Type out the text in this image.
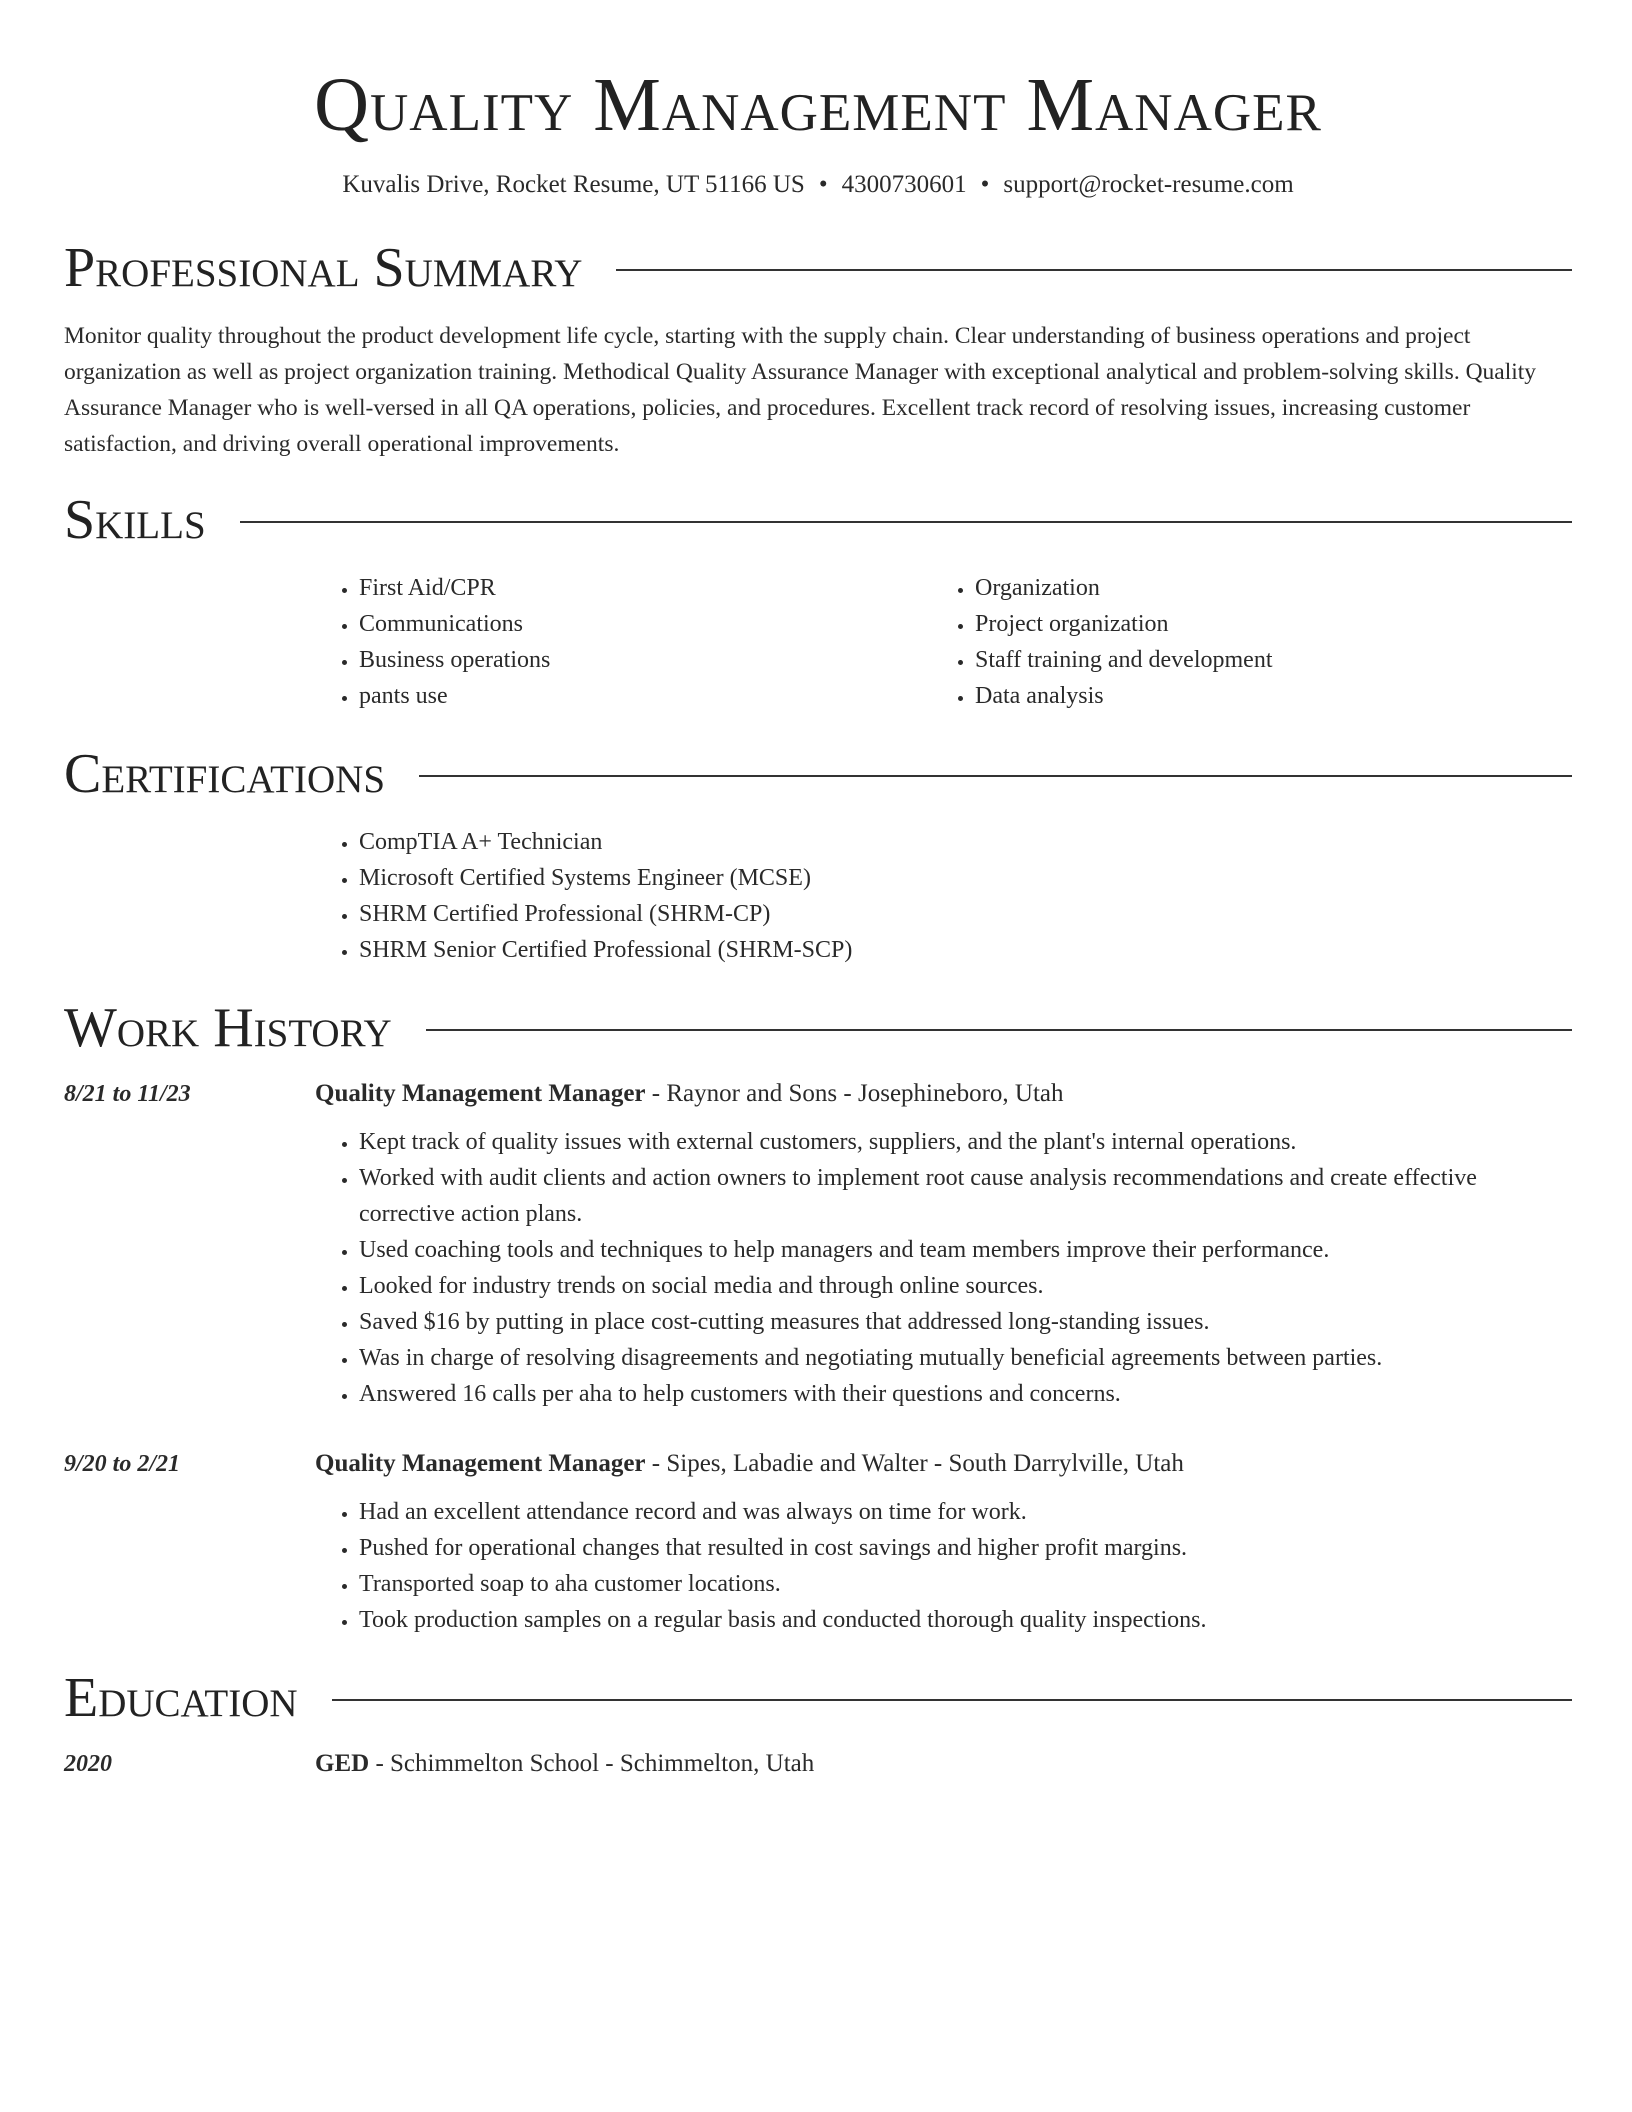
Quality Management Manager
Kuvalis Drive, Rocket Resume, UT 51166 US • 4300730601 • support@rocket-resume.com
Professional Summary

Monitor quality throughout the product development life cycle, starting with the supply chain. Clear understanding of business operations and project organization as well as project organization training. Methodical Quality Assurance Manager with exceptional analytical and problem-solving skills. Quality Assurance Manager who is well-versed in all QA operations, policies, and procedures. Excellent track record of resolving issues, increasing customer satisfaction, and driving overall operational improvements.

Skills
• First Aid/CPR
• Communications
• Business operations
• pants use
• Organization
• Project organization
• Staff training and development
• Data analysis
Certifications
• CompTIA A+ Technician
• Microsoft Certified Systems Engineer (MCSE)
• SHRM Certified Professional (SHRM-CP)
• SHRM Senior Certified Professional (SHRM-SCP)
Work History
8/21 to 11/23	Quality Management Manager - Raynor and Sons - Josephineboro, Utah

• Kept track of quality issues with external customers, suppliers, and the plant's internal operations.
• Worked with audit clients and action owners to implement root cause analysis recommendations and create effective corrective action plans.
• Used coaching tools and techniques to help managers and team members improve their performance.
• Looked for industry trends on social media and through online sources.
• Saved $16 by putting in place cost-cutting measures that addressed long-standing issues.
• Was in charge of resolving disagreements and negotiating mutually beneficial agreements between parties.
• Answered 16 calls per aha to help customers with their questions and concerns.
9/20 to 2/21	Quality Management Manager - Sipes, Labadie and Walter - South Darrylville, Utah

• Had an excellent attendance record and was always on time for work.
• Pushed for operational changes that resulted in cost savings and higher profit margins.
• Transported soap to aha customer locations.
• Took production samples on a regular basis and conducted thorough quality inspections.
Education
2020	GED - Schimmelton School - Schimmelton, Utah
